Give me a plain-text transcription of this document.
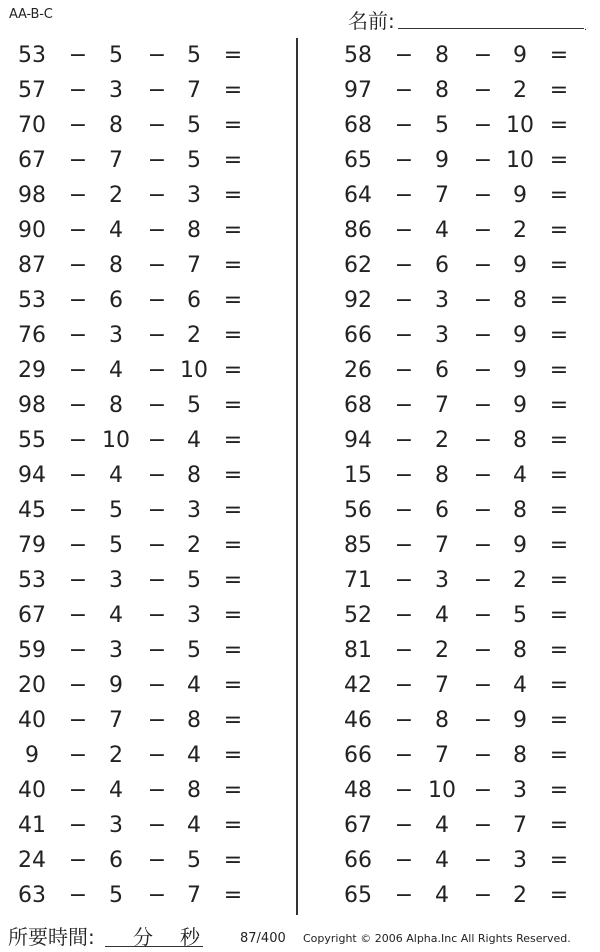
AA-B-C	名前:	.
53	− 5	− 5	=
57	− 3	− 7	=
70	− 8	− 5	=
67	− 7	− 5	=
98	− 2	− 3	=
90	− 4	− 8	=
87	− 8	− 7	=
53	− 6	− 6	=
76	− 3	− 2	=
29	− 4	− 10 =
98	− 8	− 5	=
55	− 10 − 4	=
94	− 4	− 8	=
45	− 5	− 3	=
79	− 5	− 2	=
53	− 3	− 5	=
67	− 4	− 3	=
59	− 3	− 5	=
20	− 9	− 4	=
40	− 7	− 8	=
9	− 2	− 4	=
40	− 4	− 8	=
41	− 3	− 4	=
24	− 6	− 5	=
63	− 5	− 7	=
58	− 8	− 9	=
97	− 8	− 2	=
68	− 5	− 10 =
65	− 9	− 10 =
64	− 7	− 9	=
86	− 4	− 2	=
62	− 6	− 9	=
92	− 3	− 8	=
66	− 3	− 9	=
26	− 6	− 9	=
68	− 7	− 9	=
94	− 2	− 8	=
15	− 8	− 4	=
56	− 6	− 8	=
85	− 7	− 9	=
71	− 3	− 2	=
52	− 4	− 5	=
81	− 2	− 8	=
42	− 7	− 4	=
46	− 8	− 9	=
66	− 7	− 8	=
48	− 10 − 3	=
67	− 4	− 7	=
66	− 4	− 3	=
65	− 4	− 2	=
所要時間: 分 秒	87/400 Copyright © 2006 Alpha.Inc All Rights Reserved.
